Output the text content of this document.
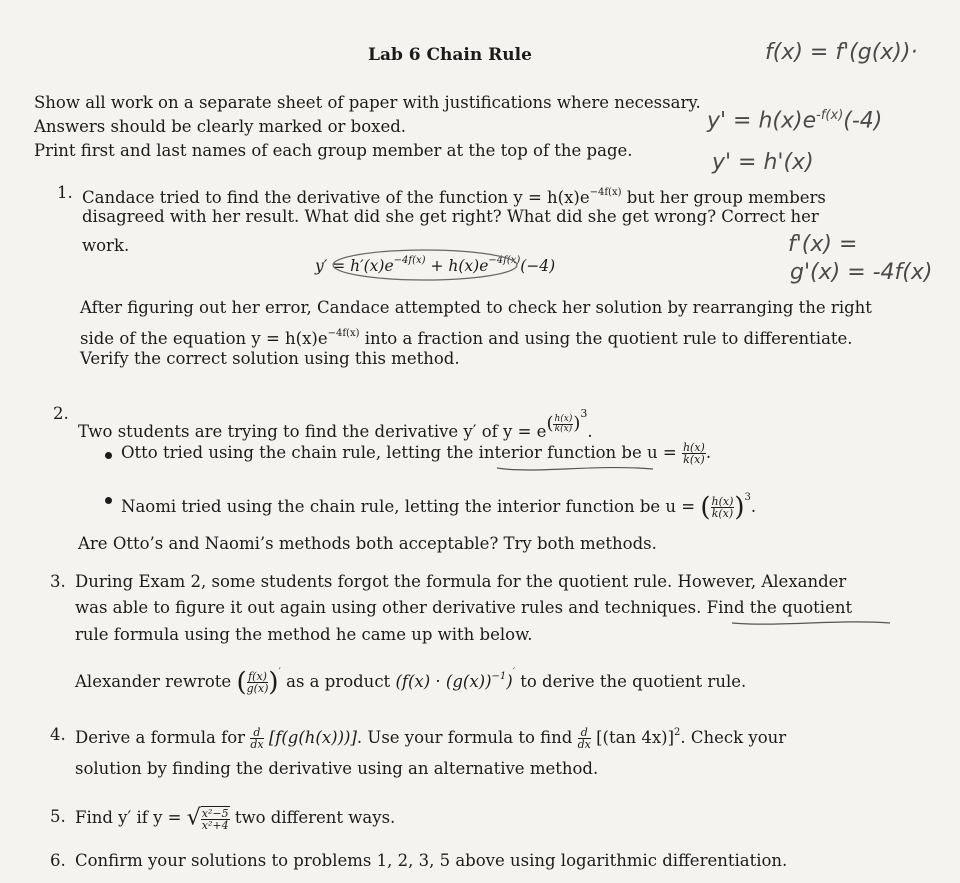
Lab 6 Chain Rule
Show all work on a separate sheet of paper with justifications where necessary.
Answers should be clearly marked or boxed.
Print first and last names of each group member at the top of the page.
f(x) = f'(g(x))·
$y' = h(x)e^{-f(x)}(-4)$
y' = h'(x)
1. Candace tried to find the derivative of the function $y = h(x)e^{-4f(x)}$ but her group members
disagreed with her result. What did she get right? What did she get wrong? Correct her
work.
$y' = h'(x)e^{-4f(x)} + h(x)e^{-4f(x)}(-4)$
f'(x) =
g'(x) = -4f(x)
After figuring out her error, Candace attempted to check her solution by rearranging the right
side of the equation $y = h(x)e^{-4f(x)}$ into a fraction and using the quotient rule to differentiate.
Verify the correct solution using this method.
2.
Two students are trying to find the derivative y′ of $y = e( \frac{h(x)}{k(x)} )3$.
Otto tried using the chain rule, letting the interior function be $u = \frac{h(x)}{k(x)}$ .
Naomi tried using the chain rule, letting the interior function be u = ( $\frac{h(x)}{k(x)} )^3$.
Are Otto’s and Naomi’s methods both acceptable? Try both methods.
3. During Exam 2, some students forgot the formula for the quotient rule. However, Alexander
was able to figure it out again using other derivative rules and techniques. Find the quotient
rule formula using the method he came up with below.
Alexander rewrote ( $\frac{f(x)}{g(x)} )'$ as a product $(f(x) \cdot (g(x))^{-1})'$ to derive the quotient rule.
4. Derive a formula for $\frac{d}{dx} [f(g(h(x)))]$. Use your formula to find $\frac{d}{dx} [(\tan$ 4x)]$^2$. Check your
solution by finding the derivative using an alternative method.
5. Find y′ if y = √ $\frac{\text{x²−5}}{\text{x²+4}}$ two different ways.
6. Confirm your solutions to problems 1, 2, 3, 5 above using logarithmic differentiation.
